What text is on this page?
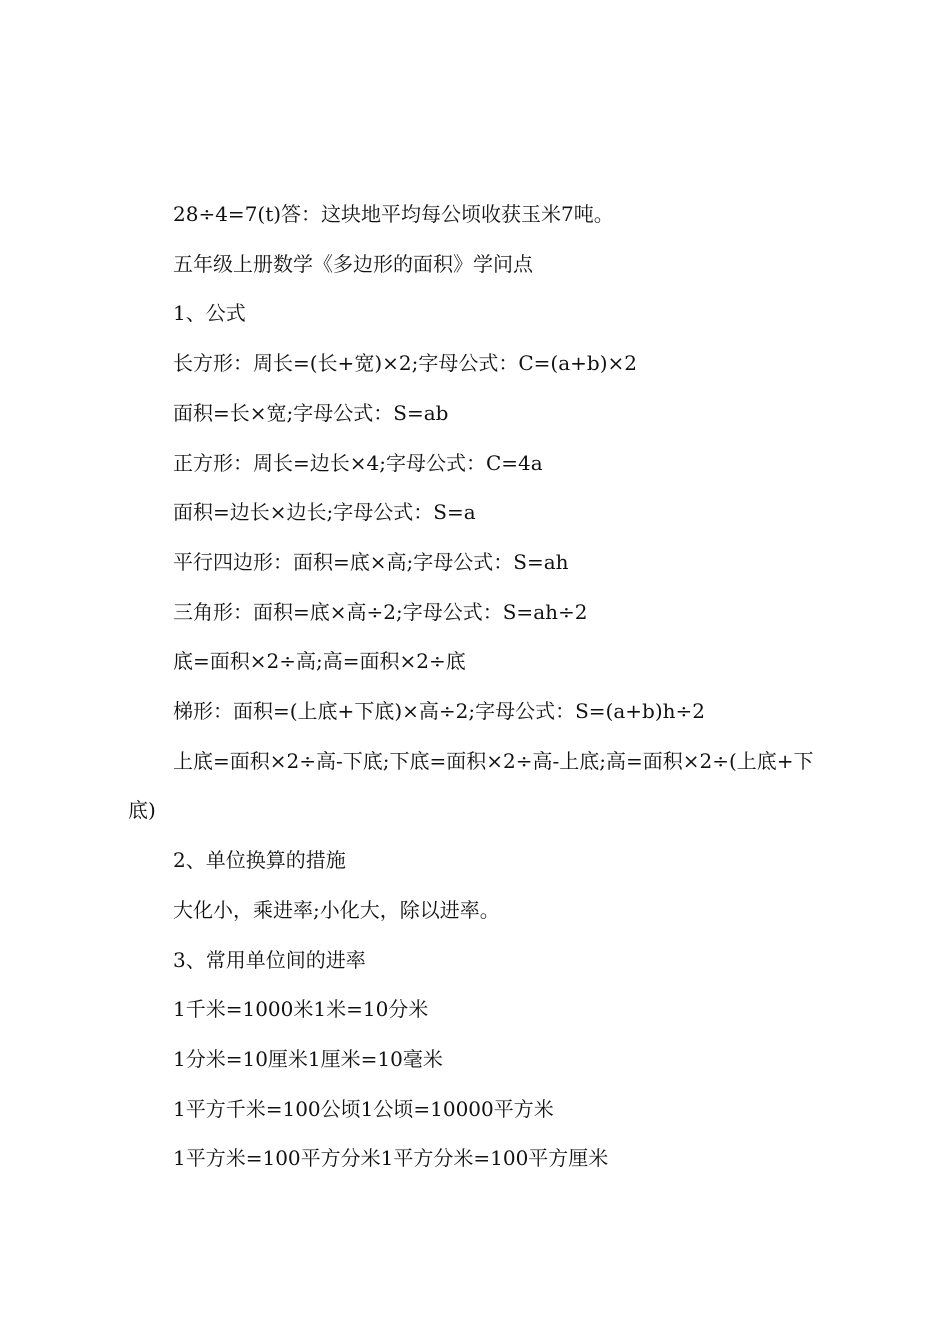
28÷4=7(t)答：这块地平均每公顷收获玉米7吨。

五年级上册数学《多边形的面积》学问点

1、公式

长方形：周长=(长+宽)×2;字母公式：C=(a+b)×2

面积=长×宽;字母公式：S=ab

正方形：周长=边长×4;字母公式：C=4a

面积=边长×边长;字母公式：S=a

平行四边形：面积=底×高;字母公式：S=ah

三角形：面积=底×高÷2;字母公式：S=ah÷2

底=面积×2÷高;高=面积×2÷底

梯形：面积=(上底+下底)×高÷2;字母公式：S=(a+b)h÷2

上底=面积×2÷高-下底;下底=面积×2÷高-上底;高=面积×2÷(上底+下底)

2、单位换算的措施

大化小，乘进率;小化大，除以进率。

3、常用单位间的进率

1千米=1000米1米=10分米

1分米=10厘米1厘米=10毫米

1平方千米=100公顷1公顷=10000平方米

1平方米=100平方分米1平方分米=100平方厘米
